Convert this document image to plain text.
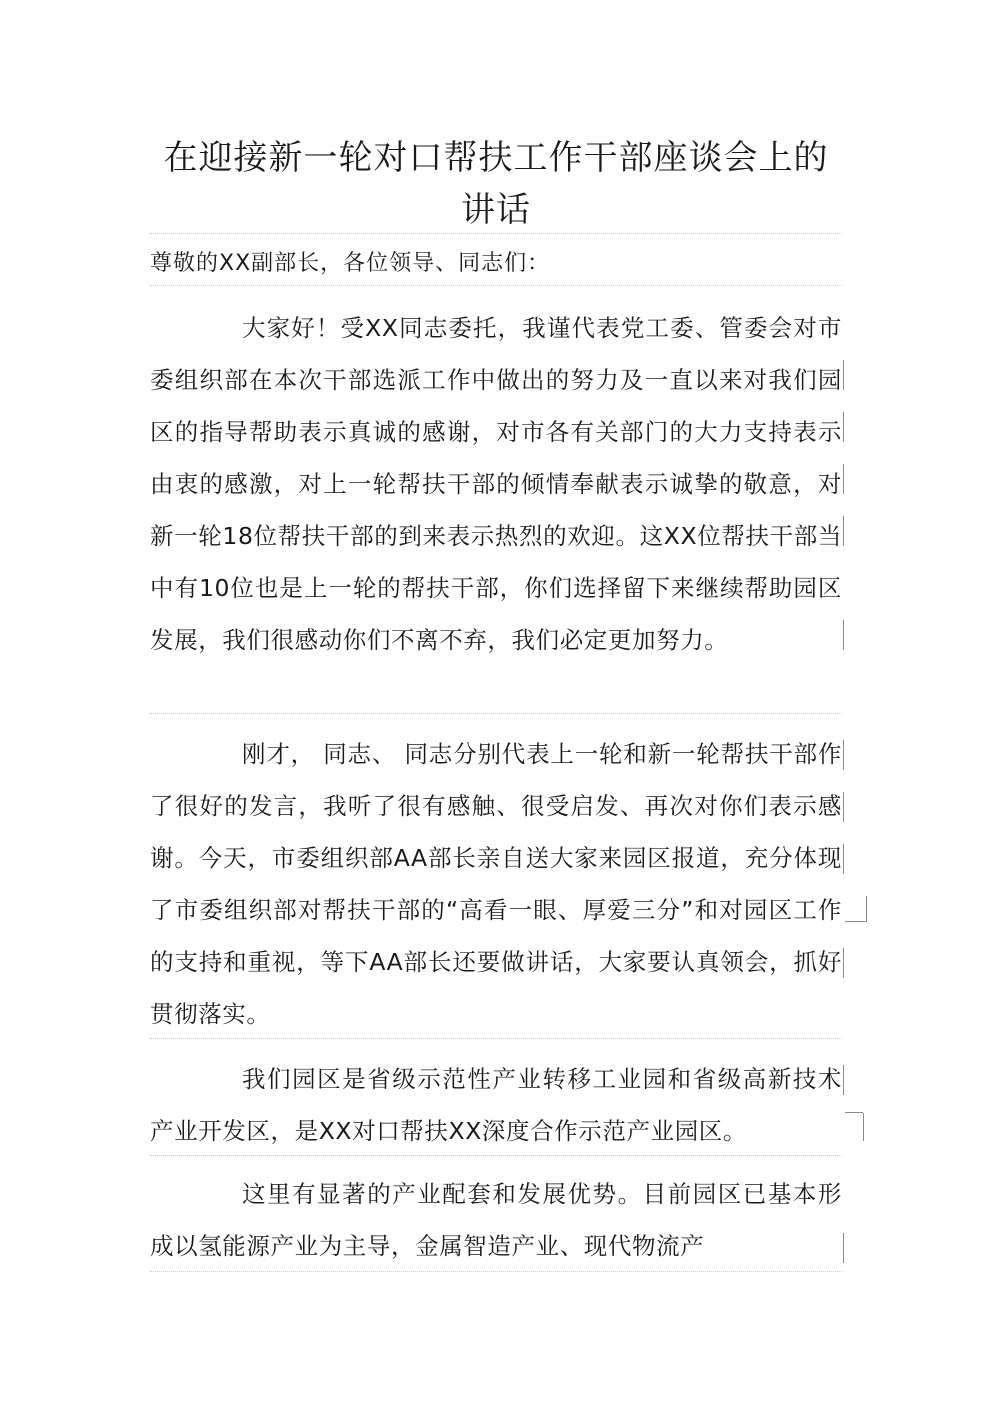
在迎接新一轮对口帮扶工作干部座谈会上的讲话

尊敬的XX副部长，各位领导、同志们：

大家好！受XX同志委托，我谨代表党工委、管委会对市委组织部在本次干部选派工作中做出的努力及一直以来对我们园区的指导帮助表示真诚的感谢，对市各有关部门的大力支持表示由衷的感激，对上一轮帮扶干部的倾情奉献表示诚挚的敬意，对新一轮18位帮扶干部的到来表示热烈的欢迎。这XX位帮扶干部当中有10位也是上一轮的帮扶干部，你们选择留下来继续帮助园区发展，我们很感动你们不离不弃，我们必定更加努力。

刚才， 同志、 同志分别代表上一轮和新一轮帮扶干部作了很好的发言，我听了很有感触、很受启发、再次对你们表示感谢。今天，市委组织部AA部长亲自送大家来园区报道，充分体现了市委组织部对帮扶干部的“高看一眼、厚爱三分”和对园区工作的支持和重视，等下AA部长还要做讲话，大家要认真领会，抓好贯彻落实。

我们园区是省级示范性产业转移工业园和省级高新技术产业开发区，是XX对口帮扶XX深度合作示范产业园区。

这里有显著的产业配套和发展优势。目前园区已基本形成以氢能源产业为主导，金属智造产业、现代物流产
